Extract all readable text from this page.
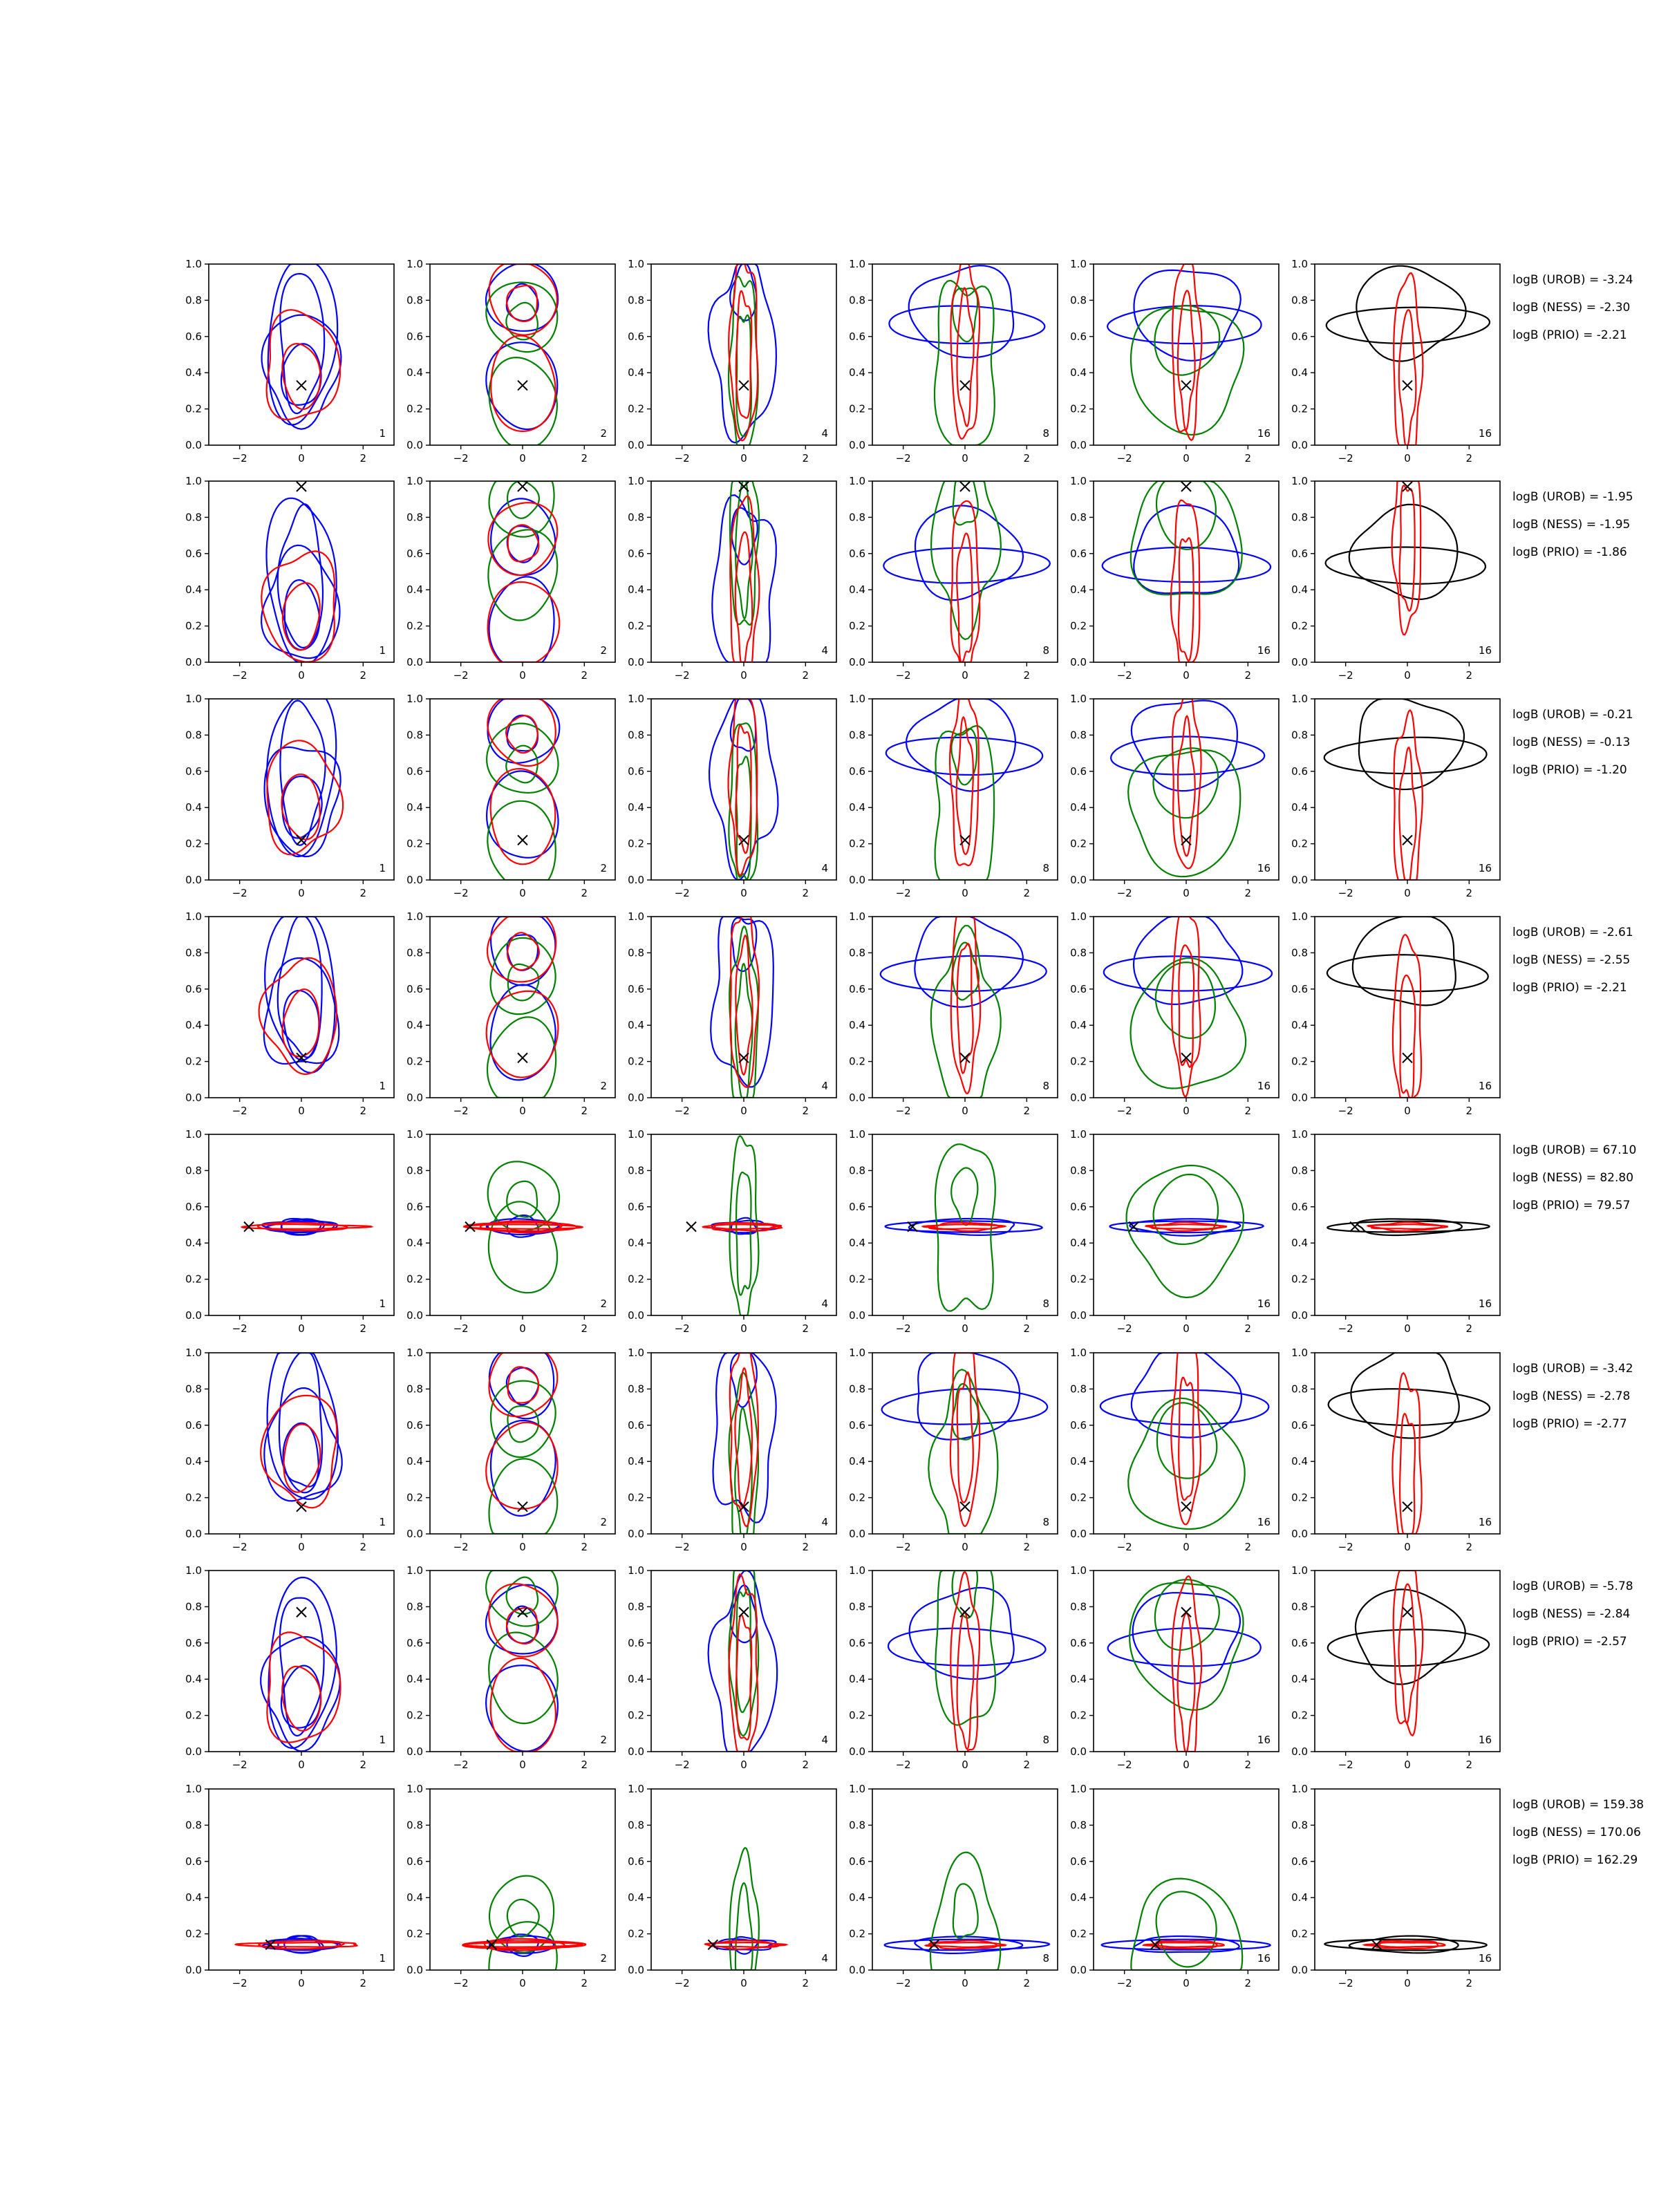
−2	0	2
0.0
0.2
0.4
0.6
0.8
1.0
1
−2	0	2
0.0
0.2
0.4
0.6
0.8
1.0
2
−2	0	2
0.0
0.2
0.4
0.6
0.8
1.0
4
−2	0	2
0.0
0.2
0.4
0.6
0.8
1.0
8
−2	0	2
0.0
0.2
0.4
0.6
0.8
1.0
16
−2	0	2
0.0
0.2
0.4
0.6
0.8
1.0
16
logB (UROB) = -3.24
logB (NESS) = -2.30
logB (PRIO) = -2.21
−2	0	2
0.0
0.2
0.4
0.6
0.8
1.0
1
−2	0	2
0.0
0.2
0.4
0.6
0.8
1.0
2
−2	0	2
0.0
0.2
0.4
0.6
0.8
1.0
4
−2	0	2
0.0
0.2
0.4
0.6
0.8
1.0
8
−2	0	2
0.0
0.2
0.4
0.6
0.8
1.0
16
−2	0	2
0.0
0.2
0.4
0.6
0.8
1.0
16
logB (UROB) = -1.95
logB (NESS) = -1.95
logB (PRIO) = -1.86
−2	0	2
0.0
0.2
0.4
0.6
0.8
1.0
1
−2	0	2
0.0
0.2
0.4
0.6
0.8
1.0
2
−2	0	2
0.0
0.2
0.4
0.6
0.8
1.0
4
−2	0	2
0.0
0.2
0.4
0.6
0.8
1.0
8
−2	0	2
0.0
0.2
0.4
0.6
0.8
1.0
16
−2	0	2
0.0
0.2
0.4
0.6
0.8
1.0
16
logB (UROB) = -0.21
logB (NESS) = -0.13
logB (PRIO) = -1.20
−2	0	2
0.0
0.2
0.4
0.6
0.8
1.0
1
−2	0	2
0.0
0.2
0.4
0.6
0.8
1.0
2
−2	0	2
0.0
0.2
0.4
0.6
0.8
1.0
4
−2	0	2
0.0
0.2
0.4
0.6
0.8
1.0
8
−2	0	2
0.0
0.2
0.4
0.6
0.8
1.0
16
−2	0	2
0.0
0.2
0.4
0.6
0.8
1.0
16
logB (UROB) = -2.61
logB (NESS) = -2.55
logB (PRIO) = -2.21
−2	0	2
0.0
0.2
0.4
0.6
0.8
1.0
1
−2	0	2
0.0
0.2
0.4
0.6
0.8
1.0
2
−2	0	2
0.0
0.2
0.4
0.6
0.8
1.0
4
−2	0	2
0.0
0.2
0.4
0.6
0.8
1.0
8
−2	0	2
0.0
0.2
0.4
0.6
0.8
1.0
16
−2	0	2
0.0
0.2
0.4
0.6
0.8
1.0
16
logB (UROB) = 67.10
logB (NESS) = 82.80
logB (PRIO) = 79.57
−2	0	2
0.0
0.2
0.4
0.6
0.8
1.0
1
−2	0	2
0.0
0.2
0.4
0.6
0.8
1.0
2
−2	0	2
0.0
0.2
0.4
0.6
0.8
1.0
4
−2	0	2
0.0
0.2
0.4
0.6
0.8
1.0
8
−2	0	2
0.0
0.2
0.4
0.6
0.8
1.0
16
−2	0	2
0.0
0.2
0.4
0.6
0.8
1.0
16
logB (UROB) = -3.42
logB (NESS) = -2.78
logB (PRIO) = -2.77
−2	0	2
0.0
0.2
0.4
0.6
0.8
1.0
1
−2	0	2
0.0
0.2
0.4
0.6
0.8
1.0
2
−2	0	2
0.0
0.2
0.4
0.6
0.8
1.0
4
−2	0	2
0.0
0.2
0.4
0.6
0.8
1.0
8
−2	0	2
0.0
0.2
0.4
0.6
0.8
1.0
16
−2	0	2
0.0
0.2
0.4
0.6
0.8
1.0
16
logB (UROB) = -5.78
logB (NESS) = -2.84
logB (PRIO) = -2.57
−2	0	2
0.0
0.2
0.4
0.6
0.8
1.0
1
−2	0	2
0.0
0.2
0.4
0.6
0.8
1.0
2
−2	0	2
0.0
0.2
0.4
0.6
0.8
1.0
4
−2	0	2
0.0
0.2
0.4
0.6
0.8
1.0
8
−2	0	2
0.0
0.2
0.4
0.6
0.8
1.0
16
−2	0	2
0.0
0.2
0.4
0.6
0.8
1.0
16
logB (UROB) = 159.38
logB (NESS) = 170.06
logB (PRIO) = 162.29
